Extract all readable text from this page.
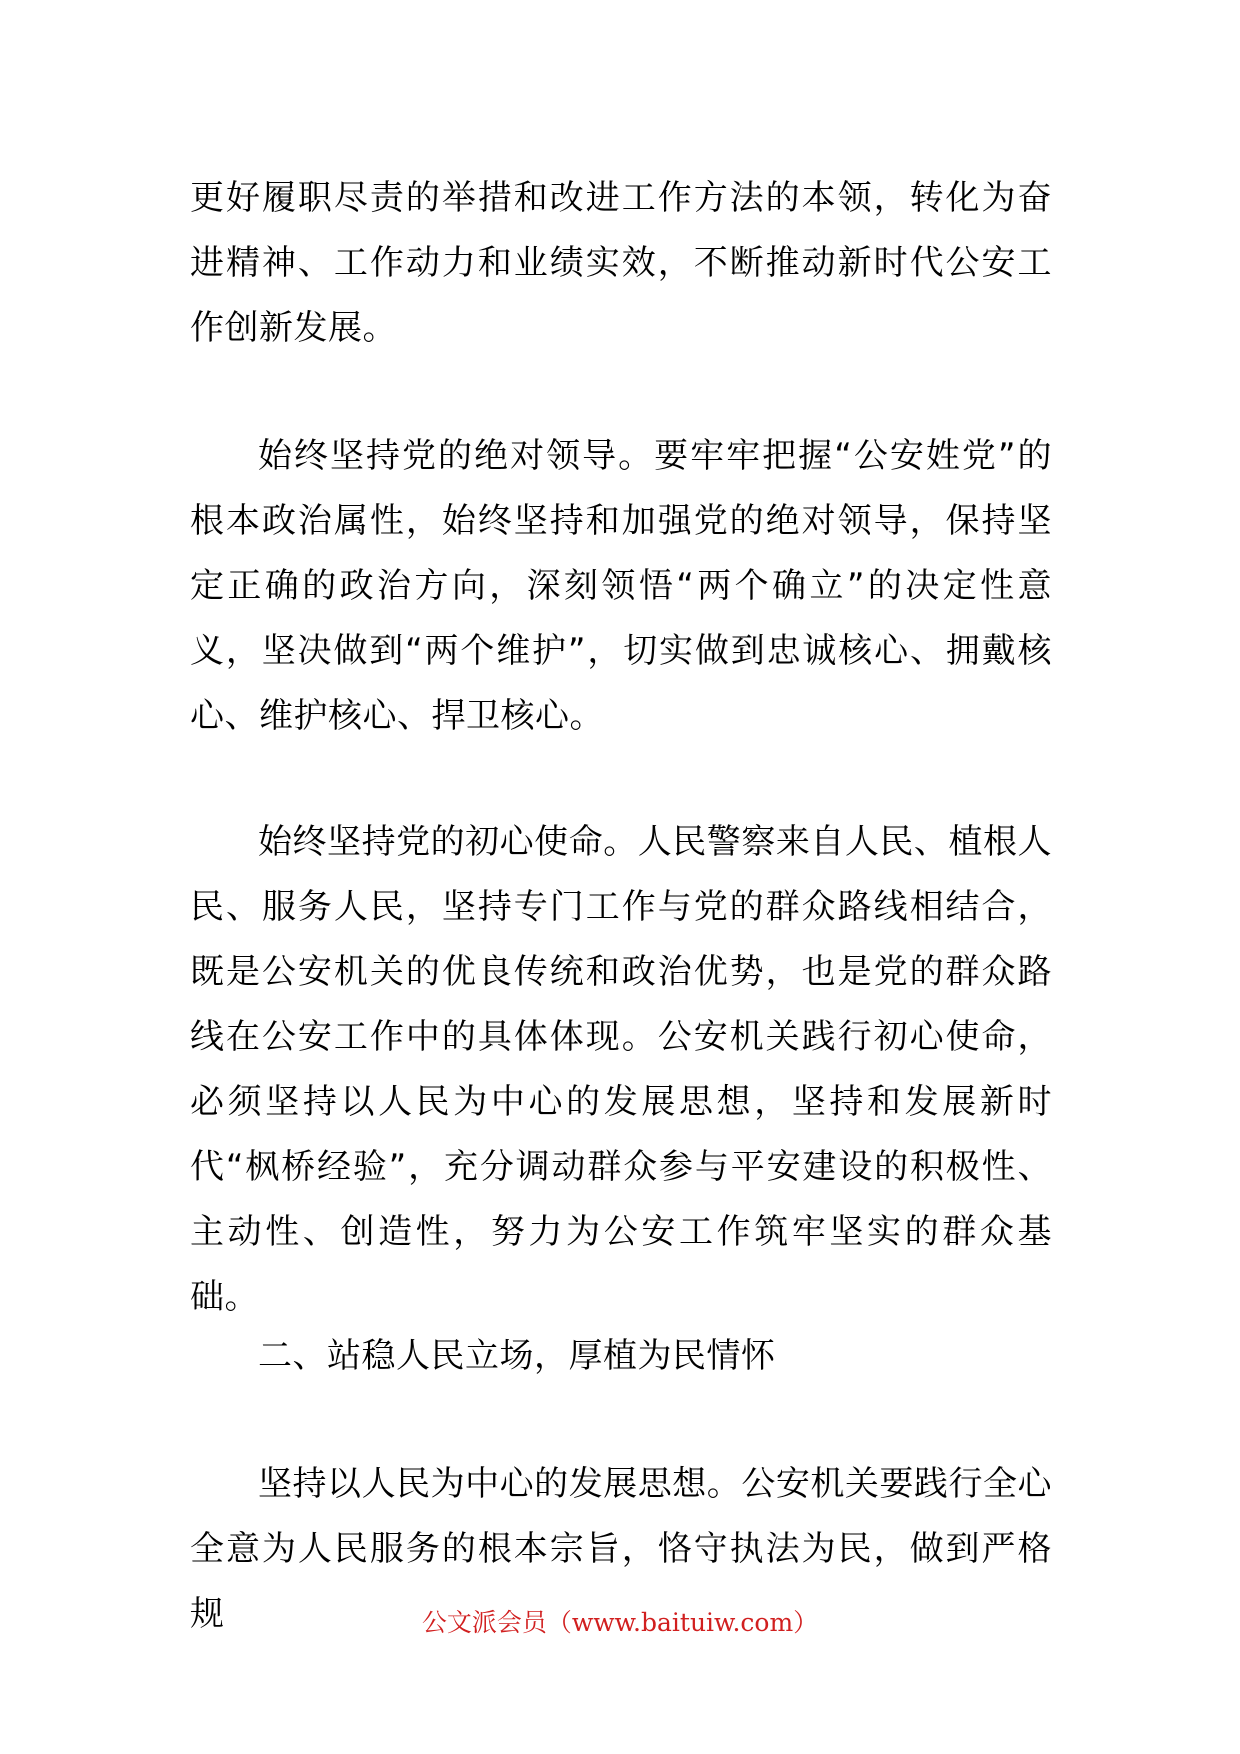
更好履职尽责的举措和改进工作方法的本领，转化为奋进精神、工作动力和业绩实效，不断推动新时代公安工作创新发展。

始终坚持党的绝对领导。要牢牢把握“公安姓党”的根本政治属性，始终坚持和加强党的绝对领导，保持坚定正确的政治方向，深刻领悟“两个确立”的决定性意义，坚决做到“两个维护”，切实做到忠诚核心、拥戴核心、维护核心、捍卫核心。

始终坚持党的初心使命。人民警察来自人民、植根人民、服务人民，坚持专门工作与党的群众路线相结合，既是公安机关的优良传统和政治优势，也是党的群众路线在公安工作中的具体体现。公安机关践行初心使命，必须坚持以人民为中心的发展思想，坚持和发展新时代“枫桥经验”，充分调动群众参与平安建设的积极性、主动性、创造性，努力为公安工作筑牢坚实的群众基础。

二、站稳人民立场，厚植为民情怀

坚持以人民为中心的发展思想。公安机关要践行全心全意为人民服务的根本宗旨，恪守执法为民，做到严格规	公文派会员（www.baituiw.com）
